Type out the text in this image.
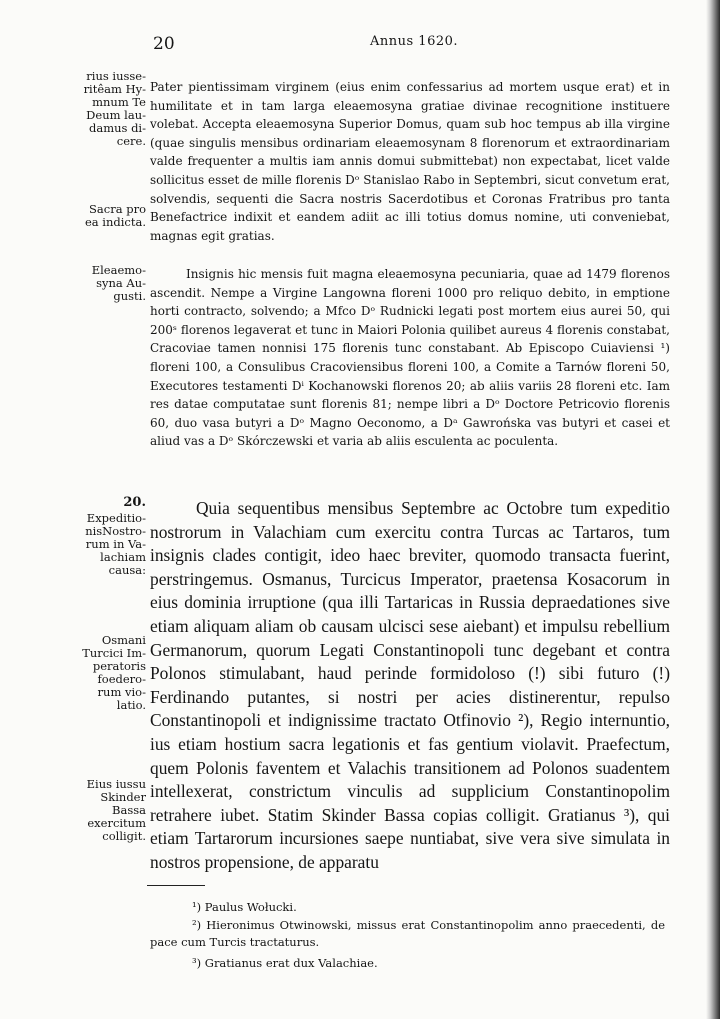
20	Annus 1620.
rius iusse-
ritêam Hy-
mnum Te
Deum lau-
damus di-
cere.
Sacra pro
ea indicta.
Eleaemo-
syna Au-
gusti.
20.
Expeditio-
nisNostro-
rum in Va-
lachiam
causa:
Osmani
Turcici Im-
peratoris
foedero-
rum vio-
latio.
Eius iussu
Skinder
Bassa
exercitum
colligit.
Pater pientissimam virginem (eius enim confessarius ad mortem usque erat) et in humilitate et in tam larga eleaemosyna gratiae divinae recognitione instituere volebat. Accepta eleaemosyna Superior Domus, quam sub hoc tempus ab illa virgine (quae singulis mensibus ordinariam eleaemosynam 8 florenorum et extraordinariam valde frequenter a multis iam annis domui submittebat) non expectabat, licet valde sollicitus esset de mille florenis Dᵒ Stanislao Rabo in Septembri, sicut convetum erat, solvendis, sequenti die Sacra nostris Sacerdotibus et Coronas Fratribus pro tanta Benefactrice indixit et eandem adiit ac illi totius domus nomine, uti conveniebat, magnas egit gratias.
Insignis hic mensis fuit magna eleaemosyna pecuniaria, quae ad 1479 florenos ascendit. Nempe a Virgine Langowna floreni 1000 pro reliquo debito, in emptione horti contracto, solvendo; a Mfco Dᵒ Rudnicki legati post mortem eius aurei 50, qui 200ˢ florenos legaverat et tunc in Maiori Polonia quilibet aureus 4 florenis constabat, Cracoviae tamen nonnisi 175 florenis tunc constabant. Ab Episcopo Cuiaviensi ¹) floreni 100, a Consulibus Cracoviensibus floreni 100, a Comite a Tarnów floreni 50, Executores testamenti Dⁱ Kochanowski florenos 20; ab aliis variis 28 floreni etc. Iam res datae computatae sunt florenis 81; nempe libri a Dᵒ Doctore Petricovio florenis 60, duo vasa butyri a Dᵒ Magno Oeconomo, a Dᵃ Gawrońska vas butyri et casei et aliud vas a Dᵒ Skórczewski et varia ab aliis esculenta ac poculenta.
Quia sequentibus mensibus Septembre ac Octobre tum expeditio nostrorum in Valachiam cum exercitu contra Turcas ac Tartaros, tum insignis clades contigit, ideo haec breviter, quomodo transacta fuerint, perstringemus. Osmanus, Turcicus Imperator, praetensa Kosacorum in eius dominia irruptione (qua illi Tartaricas in Russia depraedationes sive etiam aliquam aliam ob causam ulcisci sese aiebant) et impulsu rebellium Germanorum, quorum Legati Constantinopoli tunc degebant et contra Polonos stimulabant, haud perinde formidoloso (!) sibi futuro (!) Ferdinando putantes, si nostri per acies distinerentur, repulso Constantinopoli et indignissime tractato Otfinovio ²), Regio internuntio, ius etiam hostium sacra legationis et fas gentium violavit. Praefectum, quem Polonis faventem et Valachis transitionem ad Polonos suadentem intellexerat, constrictum vinculis ad supplicium Constantinopolim retrahere iubet. Statim Skinder Bassa copias colligit. Gratianus ³), qui etiam Tartarorum incursiones saepe nuntiabat, sive vera sive simulata in nostros propensione, de apparatu
¹) Paulus Wołucki.
²) Hieronimus Otwinowski, missus erat Constantinopolim anno praecedenti, de pace cum Turcis tractaturus.
³) Gratianus erat dux Valachiae.
